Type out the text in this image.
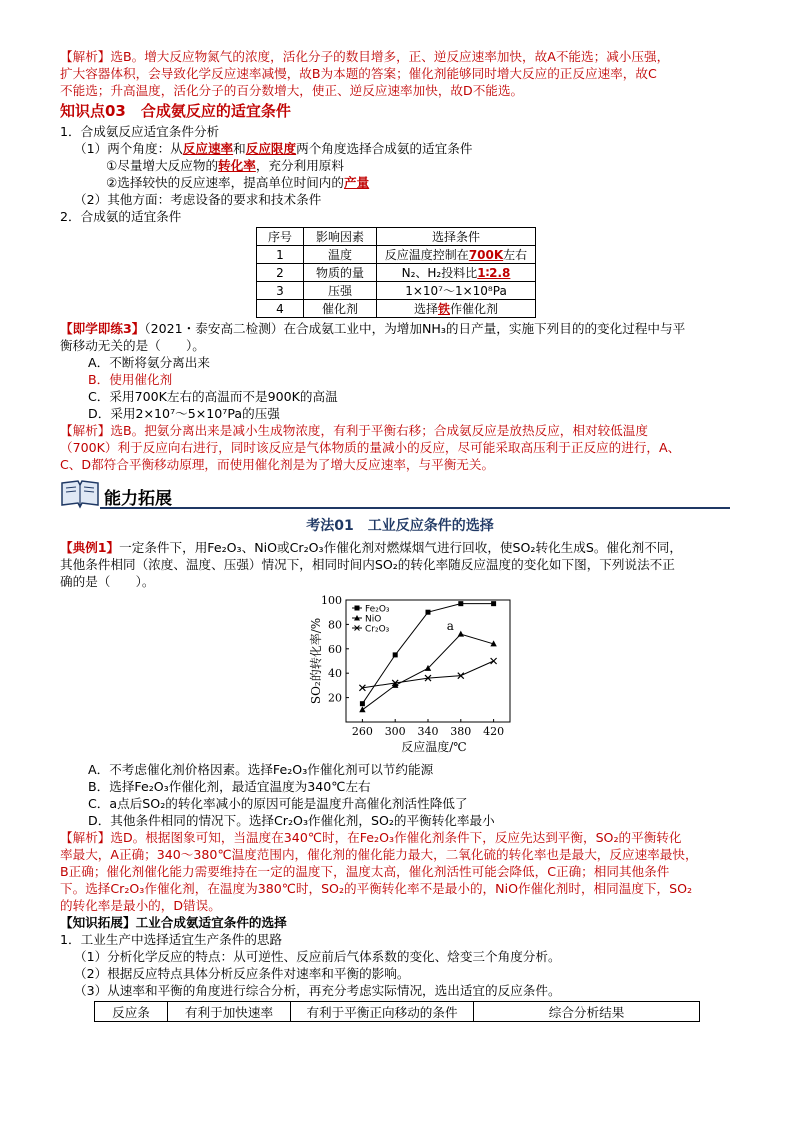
【解析】选B。增大反应物氮气的浓度，活化分子的数目增多，正、逆反应速率加快，故A不能选；减小压强，
扩大容器体积，会导致化学反应速率减慢，故B为本题的答案；催化剂能够同时增大反应的正反应速率，故C
不能选；升高温度，活化分子的百分数增大，使正、逆反应速率加快，故D不能选。
知识点03　合成氨反应的适宜条件
1．合成氨反应适宜条件分析
（1）两个角度：从反应速率和反应限度两个角度选择合成氨的适宜条件
①尽量增大反应物的转化率，充分利用原料
②选择较快的反应速率，提高单位时间内的产量
（2）其他方面：考虑设备的要求和技术条件
2．合成氨的适宜条件
序号	影响因素	选择条件
1	温度	反应温度控制在700K左右
2	物质的量	N₂、H₂投料比1∶2.8
3	压强	1×10⁷～1×10⁸Pa
4	催化剂	选择铁作催化剂
【即学即练3】（2021・泰安高二检测）在合成氨工业中，为增加NH₃的日产量，实施下列目的的变化过程中与平
衡移动无关的是（　　）。
A．不断将氨分离出来
B．使用催化剂
C．采用700K左右的高温而不是900K的高温
D．采用2×10⁷～5×10⁷Pa的压强
【解析】选B。把氨分离出来是减小生成物浓度，有利于平衡右移；合成氨反应是放热反应，相对较低温度
（700K）利于反应向右进行，同时该反应是气体物质的量减小的反应，尽可能采取高压利于正反应的进行，A、
C、D都符合平衡移动原理，而使用催化剂是为了增大反应速率，与平衡无关。
能力拓展
考法01　工业反应条件的选择
【典例1】一定条件下，用Fe₂O₃、NiO或Cr₂O₃作催化剂对燃煤烟气进行回收，使SO₂转化生成S。催化剂不同，
其他条件相同（浓度、温度、压强）情况下，相同时间内SO₂的转化率随反应温度的变化如下图，下列说法不正
确的是（　　）。
20
40
60
80
100
260 300 340 380 420
反应温度/℃
SO₂的转化率/%	a
Fe₂O₃
NiO
Cr₂O₃
A．不考虑催化剂价格因素。选择Fe₂O₃作催化剂可以节约能源
B．选择Fe₂O₃作催化剂，最适宜温度为340℃左右
C．a点后SO₂的转化率减小的原因可能是温度升高催化剂活性降低了
D．其他条件相同的情况下。选择Cr₂O₃作催化剂，SO₂的平衡转化率最小
【解析】选D。根据图象可知，当温度在340℃时，在Fe₂O₃作催化剂条件下，反应先达到平衡，SO₂的平衡转化
率最大，A正确；340～380℃温度范围内，催化剂的催化能力最大，二氧化硫的转化率也是最大，反应速率最快，
B正确；催化剂催化能力需要维持在一定的温度下，温度太高，催化剂活性可能会降低，C正确；相同其他条件
下。选择Cr₂O₃作催化剂，在温度为380℃时，SO₂的平衡转化率不是最小的，NiO作催化剂时，相同温度下，SO₂
的转化率是最小的，D错误。
【知识拓展】工业合成氨适宜条件的选择
1．工业生产中选择适宜生产条件的思路
（1）分析化学反应的特点：从可逆性、反应前后气体系数的变化、焓变三个角度分析。
（2）根据反应特点具体分析反应条件对速率和平衡的影响。
（3）从速率和平衡的角度进行综合分析，再充分考虑实际情况，选出适宜的反应条件。
反应条	有利于加快速率	有利于平衡正向移动的条件	综合分析结果
